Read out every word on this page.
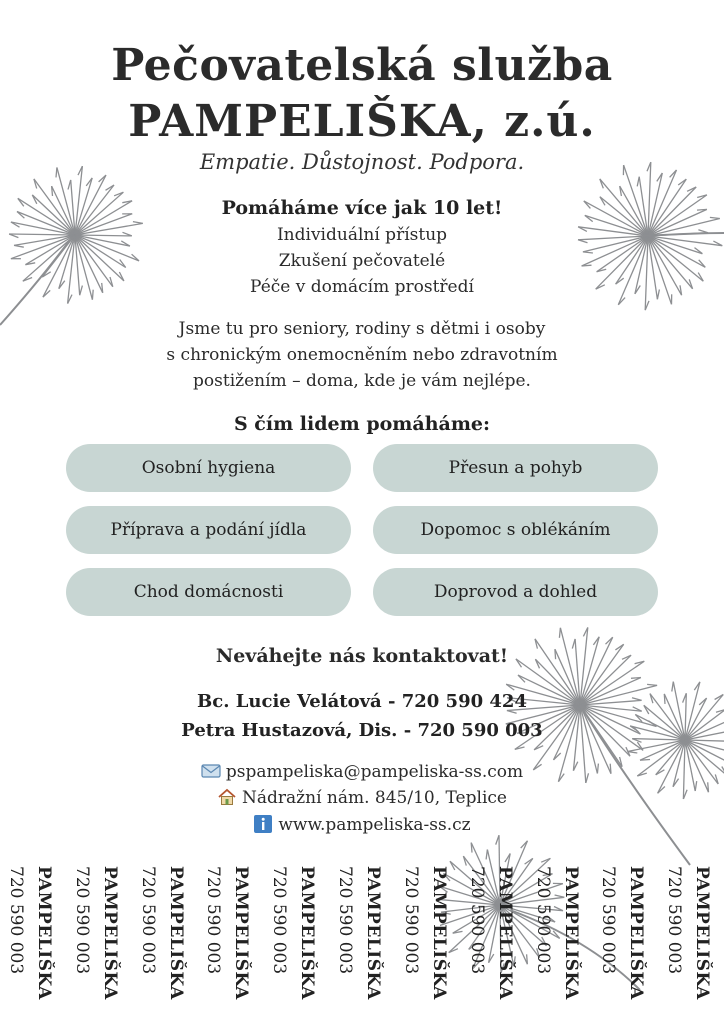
Pečovatelská služba
PAMPELIŠKA, z.ú.
Empatie. Důstojnost. Podpora.
Pomáháme více jak 10 let!
Individuální přístup
Zkušení pečovatelé
Péče v domácím prostředí
Jsme tu pro seniory, rodiny s dětmi i osoby
s chronickým onemocněním nebo zdravotním
postižením – doma, kde je vám nejlépe.
S čím lidem pomáháme:
Osobní hygiena	Přesun a pohyb
Příprava a podání jídla	Dopomoc s oblékáním
Chod domácnosti	Doprovod a dohled
Neváhejte nás kontaktovat!
Bc. Lucie Velátová - 720 590 424
Petra Hustazová, Dis. - 720 590 003
pspampeliska@pampeliska-ss.com
Nádražní nám. 845/10, Teplice
www.pampeliska-ss.cz
PAMPELIŠKA
720 590 003	PAMPELIŠKA
720 590 003	PAMPELIŠKA
720 590 003	PAMPELIŠKA
720 590 003	PAMPELIŠKA
720 590 003	PAMPELIŠKA
720 590 003	PAMPELIŠKA
720 590 003	PAMPELIŠKA
720 590 003	PAMPELIŠKA
720 590 003	PAMPELIŠKA
720 590 003	PAMPELIŠKA
720 590 003
